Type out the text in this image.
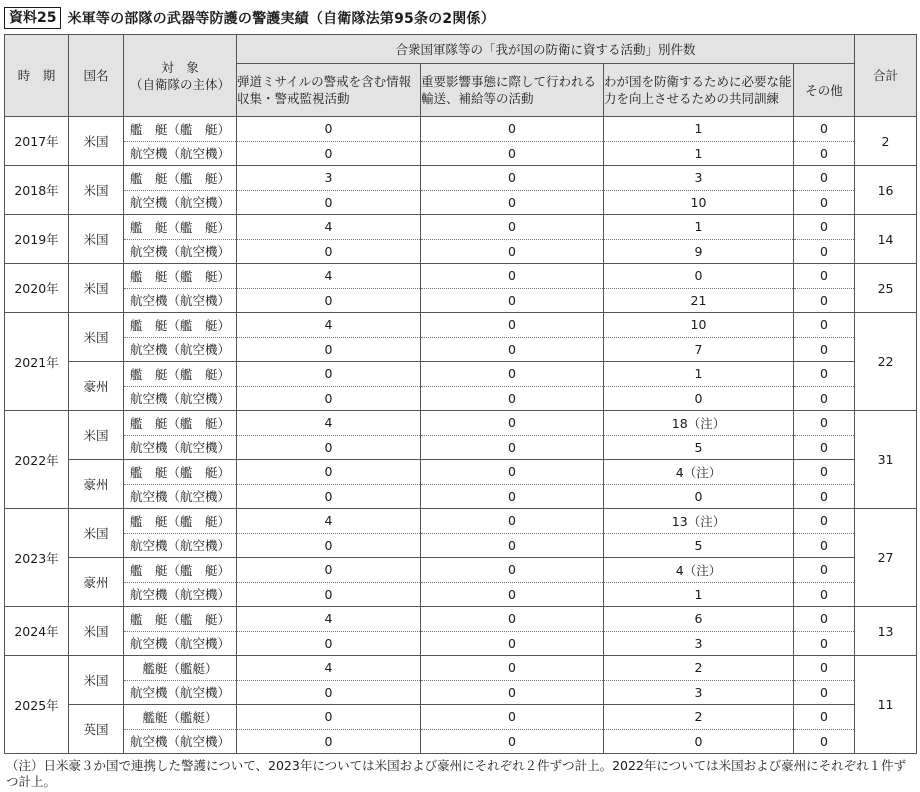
資料25 米軍等の部隊の武器等防護の警護実績（自衛隊法第95条の2関係）
時　期	国名	対　象
（自衛隊の主体）	合衆国軍隊等の「我が国の防衛に資する活動」別件数				合計
			弾道ミサイルの警戒を含む情報収集・警戒監視活動	重要影響事態に際して行われる輸送、補給等の活動	わが国を防衛するために必要な能力を向上させるための共同訓練	その他	
2017年	米国	艦　艇（艦　艇）	0	0	1	0	2
		航空機（航空機）	0	0	1	0	
2018年	米国	艦　艇（艦　艇）	3	0	3	0	16
		航空機（航空機）	0	0	10	0	
2019年	米国	艦　艇（艦　艇）	4	0	1	0	14
		航空機（航空機）	0	0	9	0	
2020年	米国	艦　艇（艦　艇）	4	0	0	0	25
		航空機（航空機）	0	0	21	0	
2021年	米国	艦　艇（艦　艇）	4	0	10	0	22
		航空機（航空機）	0	0	7	0	
	豪州	艦　艇（艦　艇）	0	0	1	0	
		航空機（航空機）	0	0	0	0	
2022年	米国	艦　艇（艦　艇）	4	0	18（注）	0	31
		航空機（航空機）	0	0	5	0	
	豪州	艦　艇（艦　艇）	0	0	4（注）	0	
		航空機（航空機）	0	0	0	0	
2023年	米国	艦　艇（艦　艇）	4	0	13（注）	0	27
		航空機（航空機）	0	0	5	0	
	豪州	艦　艇（艦　艇）	0	0	4（注）	0	
		航空機（航空機）	0	0	1	0	
2024年	米国	艦　艇（艦　艇）	4	0	6	0	13
		航空機（航空機）	0	0	3	0	
2025年	米国	艦艇（艦艇）	4	0	2	0	11
		航空機（航空機）	0	0	3	0	
	英国	艦艇（艦艇）	0	0	2	0	
		航空機（航空機）	0	0	0	0	
（注）日米豪３か国で連携した警護について、2023年については米国および豪州にそれぞれ２件ずつ計上。2022年については米国および豪州にそれぞれ１件ずつ計上。
